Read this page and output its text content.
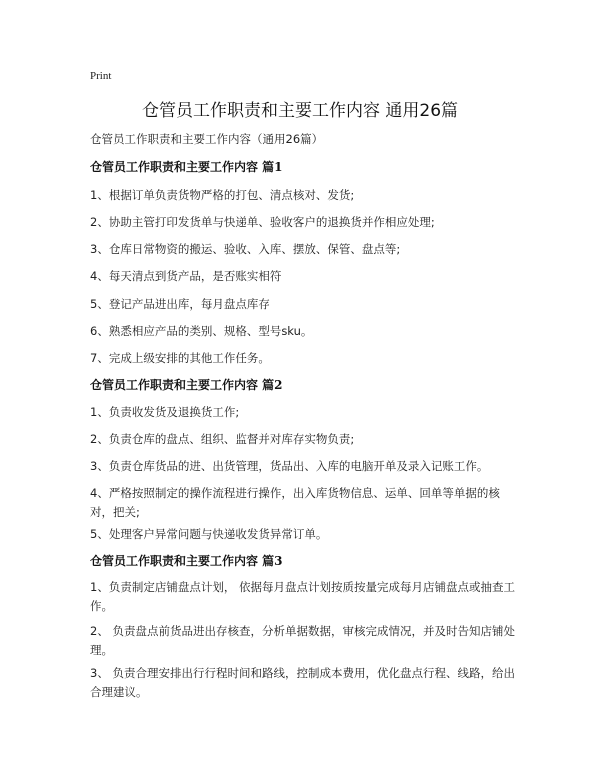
Print
仓管员工作职责和主要工作内容 通用26篇
仓管员工作职责和主要工作内容（通用26篇）
仓管员工作职责和主要工作内容 篇1
1、根据订单负责货物严格的打包、清点核对、发货;
2、协助主管打印发货单与快递单、验收客户的退换货并作相应处理;
3、仓库日常物资的搬运、验收、入库、摆放、保管、盘点等;
4、每天清点到货产品，是否账实相符
5、登记产品进出库，每月盘点库存
6、熟悉相应产品的类别、规格、型号sku。
7、完成上级安排的其他工作任务。
仓管员工作职责和主要工作内容 篇2
1、负责收发货及退换货工作;
2、负责仓库的盘点、组织、监督并对库存实物负责;
3、负责仓库货品的进、出货管理，货品出、入库的电脑开单及录入记账工作。
4、严格按照制定的操作流程进行操作，出入库货物信息、运单、回单等单据的核对，把关;
5、处理客户异常问题与快递收发货异常订单。
仓管员工作职责和主要工作内容 篇3
1、负责制定店铺盘点计划， 依据每月盘点计划按质按量完成每月店铺盘点或抽查工作。
2、 负责盘点前货品进出存核查，分析单据数据，审核完成情况，并及时告知店铺处理。
3、 负责合理安排出行行程时间和路线，控制成本费用，优化盘点行程、线路，给出合理建议。
